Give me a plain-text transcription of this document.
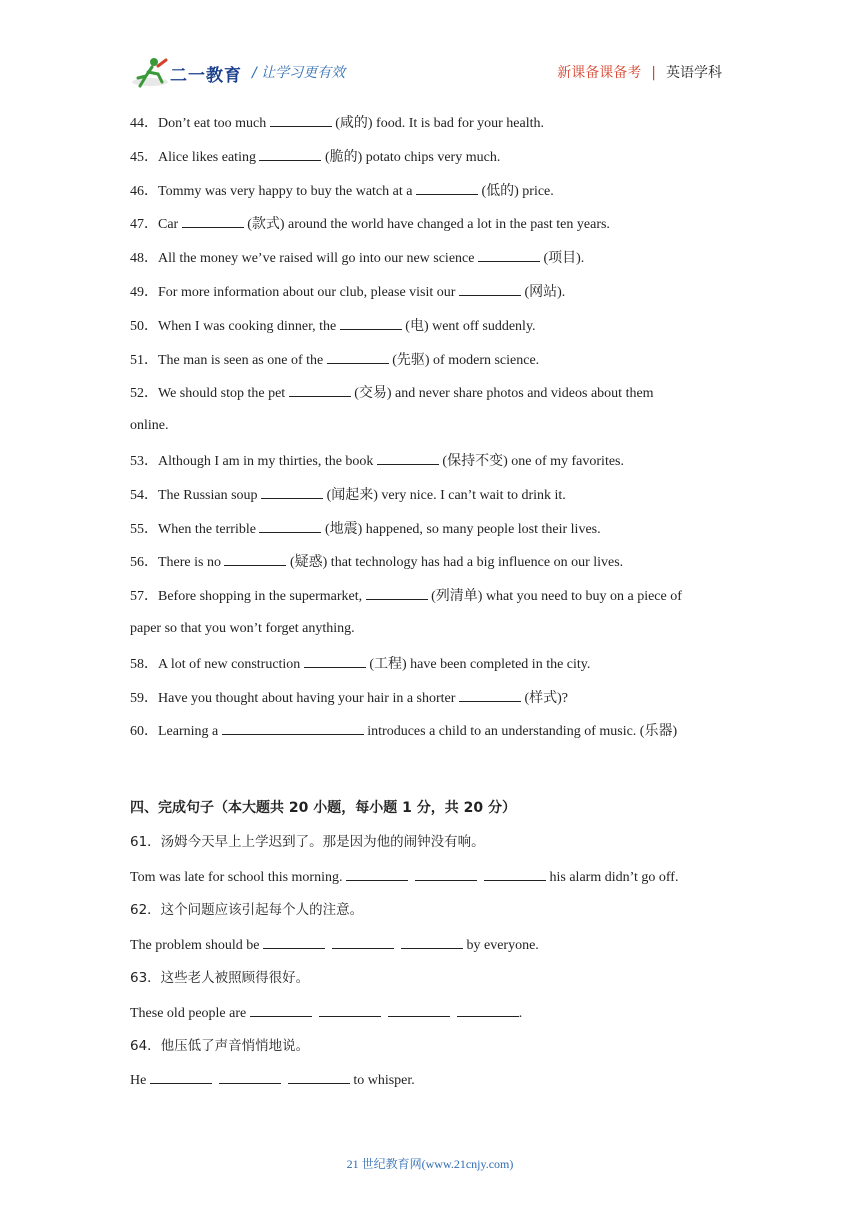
二一教育 / 让学习更有效	新课备课备考 | 英语学科
44．Don’t eat too much	(咸的) food. It is bad for your health.
45．Alice likes eating	(脆的) potato chips very much.
46．Tommy was very happy to buy the watch at a	(低的) price.
47．Car	(款式) around the world have changed a lot in the past ten years.
48．All the money we’ve raised will go into our new science	(项目).
49．For more information about our club, please visit our	(网站).
50．When I was cooking dinner, the	(电) went off suddenly.
51．The man is seen as one of the	(先驱) of modern science.
52．We should stop the pet	(交易) and never share photos and videos about them
online.
53．Although I am in my thirties, the book	(保持不变) one of my favorites.
54．The Russian soup	(闻起来) very nice. I can’t wait to drink it.
55．When the terrible	(地震) happened, so many people lost their lives.
56．There is no	(疑惑) that technology has had a big influence on our lives.
57．Before shopping in the supermarket,	(列清单) what you need to buy on a piece of
paper so that you won’t forget anything.
58．A lot of new construction	(工程) have been completed in the city.
59．Have you thought about having your hair in a shorter	(样式)?
60．Learning a	introduces a child to an understanding of music. (乐器)
四、完成句子（本大题共 20 小题，每小题 1 分，共 20 分）
61．汤姆今天早上上学迟到了。那是因为他的闹钟没有响。
Tom was late for school this morning.	his alarm didn’t go off.
62．这个问题应该引起每个人的注意。
The problem should be	by everyone.
63．这些老人被照顾得很好。
These old people are	.
64．他压低了声音悄悄地说。
He	to whisper.
21 世纪教育网(www.21cnjy.com)
